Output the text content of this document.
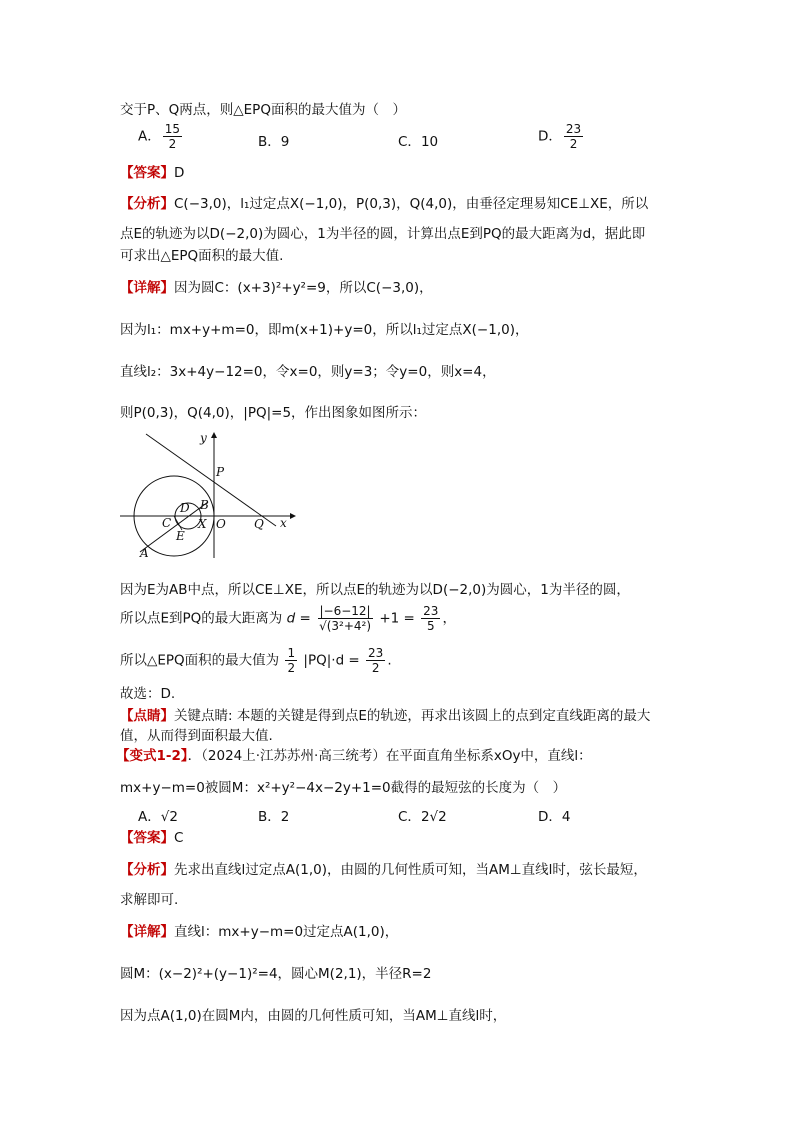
交于P、Q两点，则△EPQ面积的最大值为（　）
A． $\frac{15}{2}$	B．9	C．10	D． $\frac{23}{2}$
【答案】D
【分析】C(−3,0)，l₁过定点X(−1,0)，P(0,3)，Q(4,0)，由垂径定理易知CE⊥XE，所以
点E的轨迹为以D(−2,0)为圆心，1为半径的圆，计算出点E到PQ的最大距离为d，据此即
可求出△EPQ面积的最大值.
【详解】因为圆C：(x+3)²+y²=9，所以C(−3,0)，
因为l₁：mx+y+m=0，即m(x+1)+y=0，所以l₁过定点X(−1,0)，
直线l₂：3x+4y−12=0，令x=0，则y=3；令y=0，则x=4，
则P(0,3)，Q(4,0)，|PQ|=5，作出图象如图所示：
y
x
P
B
D
C X O Q
E
A
因为E为AB中点，所以CE⊥XE，所以点E的轨迹为以D(−2,0)为圆心，1为半径的圆，
所以点E到PQ的最大距离为 $d = \frac{|-6-12|}{\text{√(3²+4²)}} +1 = \frac{23}{5}$ ，
所以△EPQ面积的最大值为 $\frac{1}{2} |PQ|\cdot d = \frac{23}{2}$ .
故选：D.
【点睛】关键点睛: 本题的关键是得到点E的轨迹，再求出该圆上的点到定直线距离的最大
值，从而得到面积最大值.
【变式1-2】．（2024上·江苏苏州·高三统考）在平面直角坐标系xOy中，直线l：
mx+y−m=0被圆M：x²+y²−4x−2y+1=0截得的最短弦的长度为（　）
A．√2	B．2	C．2√2	D．4
【答案】C
【分析】先求出直线l过定点A(1,0)，由圆的几何性质可知，当AM⊥直线l时，弦长最短，
求解即可.
【详解】直线l：mx+y−m=0过定点A(1,0)，
圆M：(x−2)²+(y−1)²=4，圆心M(2,1)，半径R=2
因为点A(1,0)在圆M内，由圆的几何性质可知，当AM⊥直线l时，
